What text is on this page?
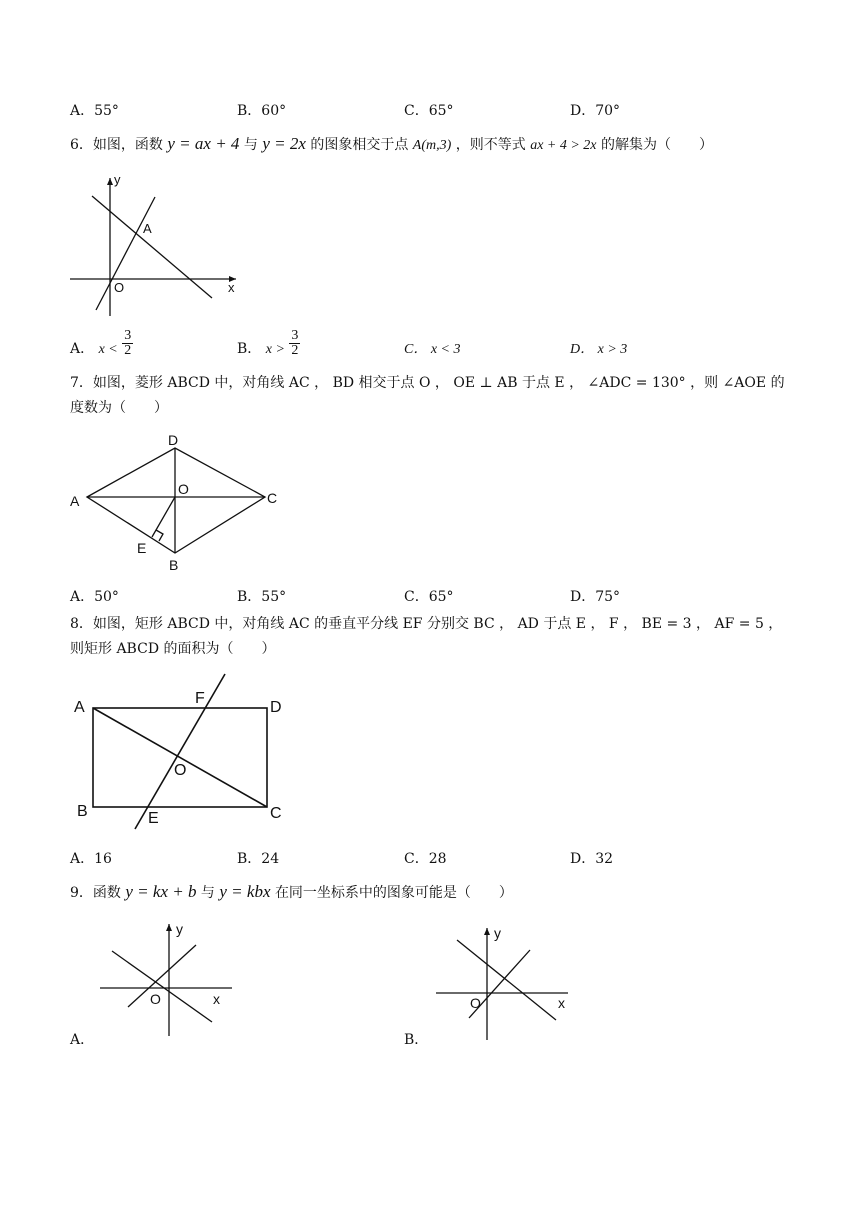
A．55°	B．60°	C．65°	D．70°
6．如图，函数 y = ax + 4 与 y = 2x 的图象相交于点 A(m,3) ，则不等式 ax + 4 > 2x 的解集为（　　）
y
x
O
A
A． $x < \frac{3}{2}$	B． $x > \frac{3}{2}$	C． x < 3	D． x > 3
7．如图，菱形 ABCD 中，对角线 AC ， BD 相交于点 O ， OE ⊥ AB 于点 E ， ∠ADC = 130° ，则 ∠AOE 的
度数为（　　）
A
D
C
B
O
E
A．50°	B．55°	C．65°	D．75°
8．如图，矩形 ABCD 中，对角线 AC 的垂直平分线 EF 分别交 BC ， AD 于点 E ， F ， BE = 3 ， AF = 5 ，
则矩形 ABCD 的面积为（　　）
A	D
B	C
F
O
E
A．16	B．24	C．28	D．32
9．函数 y = kx + b 与 y = kbx 在同一坐标系中的图象可能是（　　）
y
x
O
A．
y
x
O
B．
